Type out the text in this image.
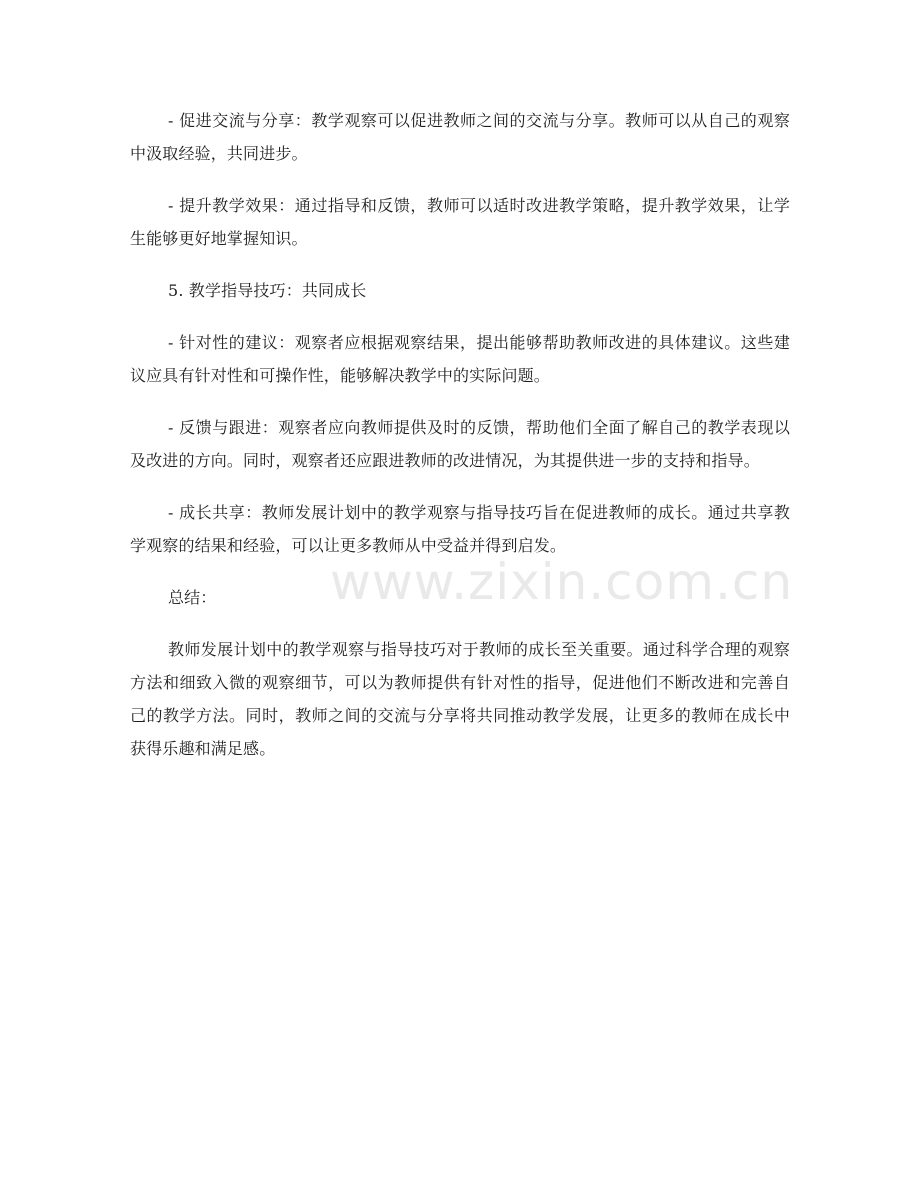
www.zixin.com.cn

- 促进交流与分享：教学观察可以促进教师之间的交流与分享。教师可以从自己的观察中汲取经验，共同进步。

- 提升教学效果：通过指导和反馈，教师可以适时改进教学策略，提升教学效果，让学生能够更好地掌握知识。

5. 教学指导技巧：共同成长

- 针对性的建议：观察者应根据观察结果，提出能够帮助教师改进的具体建议。这些建议应具有针对性和可操作性，能够解决教学中的实际问题。

- 反馈与跟进：观察者应向教师提供及时的反馈，帮助他们全面了解自己的教学表现以及改进的方向。同时，观察者还应跟进教师的改进情况，为其提供进一步的支持和指导。

- 成长共享：教师发展计划中的教学观察与指导技巧旨在促进教师的成长。通过共享教学观察的结果和经验，可以让更多教师从中受益并得到启发。

总结：

教师发展计划中的教学观察与指导技巧对于教师的成长至关重要。通过科学合理的观察方法和细致入微的观察细节，可以为教师提供有针对性的指导，促进他们不断改进和完善自己的教学方法。同时，教师之间的交流与分享将共同推动教学发展，让更多的教师在成长中获得乐趣和满足感。
